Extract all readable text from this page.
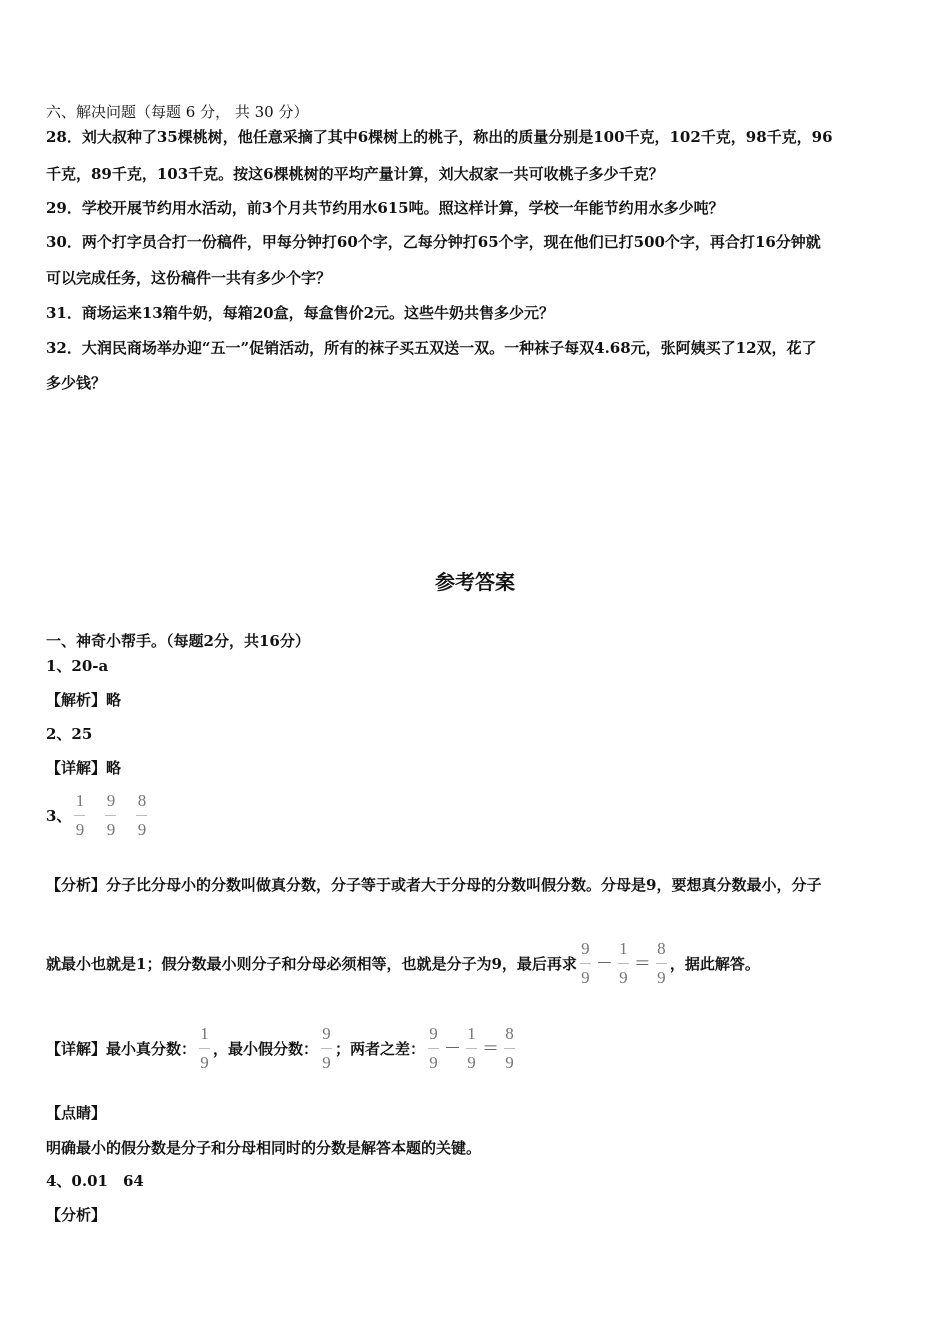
六、解决问题（每题 6 分， 共 30 分）
28．刘大叔种了35棵桃树，他任意采摘了其中6棵树上的桃子，称出的质量分别是100千克，102千克，98千克，96
千克，89千克，103千克。按这6棵桃树的平均产量计算，刘大叔家一共可收桃子多少千克？
29．学校开展节约用水活动，前3个月共节约用水615吨。照这样计算，学校一年能节约用水多少吨？
30．两个打字员合打一份稿件，甲每分钟打60个字，乙每分钟打65个字，现在他们已打500个字，再合打16分钟就
可以完成任务，这份稿件一共有多少个字？
31．商场运来13箱牛奶，每箱20盒，每盒售价2元。这些牛奶共售多少元？
32．大润民商场举办迎“五一”促销活动，所有的袜子买五双送一双。一种袜子每双4.68元，张阿姨买了12双，花了
多少钱？
参考答案
一、神奇小帮手。（每题2分，共16分）
1、20-a
【解析】略
2、25
【详解】略
3、 $\frac{1}{9} \frac{9}{9} \frac{8}{9}$
【分析】分子比分母小的分数叫做真分数，分子等于或者大于分母的分数叫假分数。分母是9，要想真分数最小，分子
就最小也就是1；假分数最小则分子和分母必须相等，也就是分子为9，最后再求 $\frac{9}{9} - \frac{1}{9} = \frac{8}{9}$ ，据此解答。
【详解】最小真分数： $\frac{1}{9}$ ，最小假分数： $\frac{9}{9}$ ；两者之差： $\frac{9}{9} - \frac{1}{9} = \frac{8}{9}$
【点睛】
明确最小的假分数是分子和分母相同时的分数是解答本题的关键。
4、0.01　64
【分析】
